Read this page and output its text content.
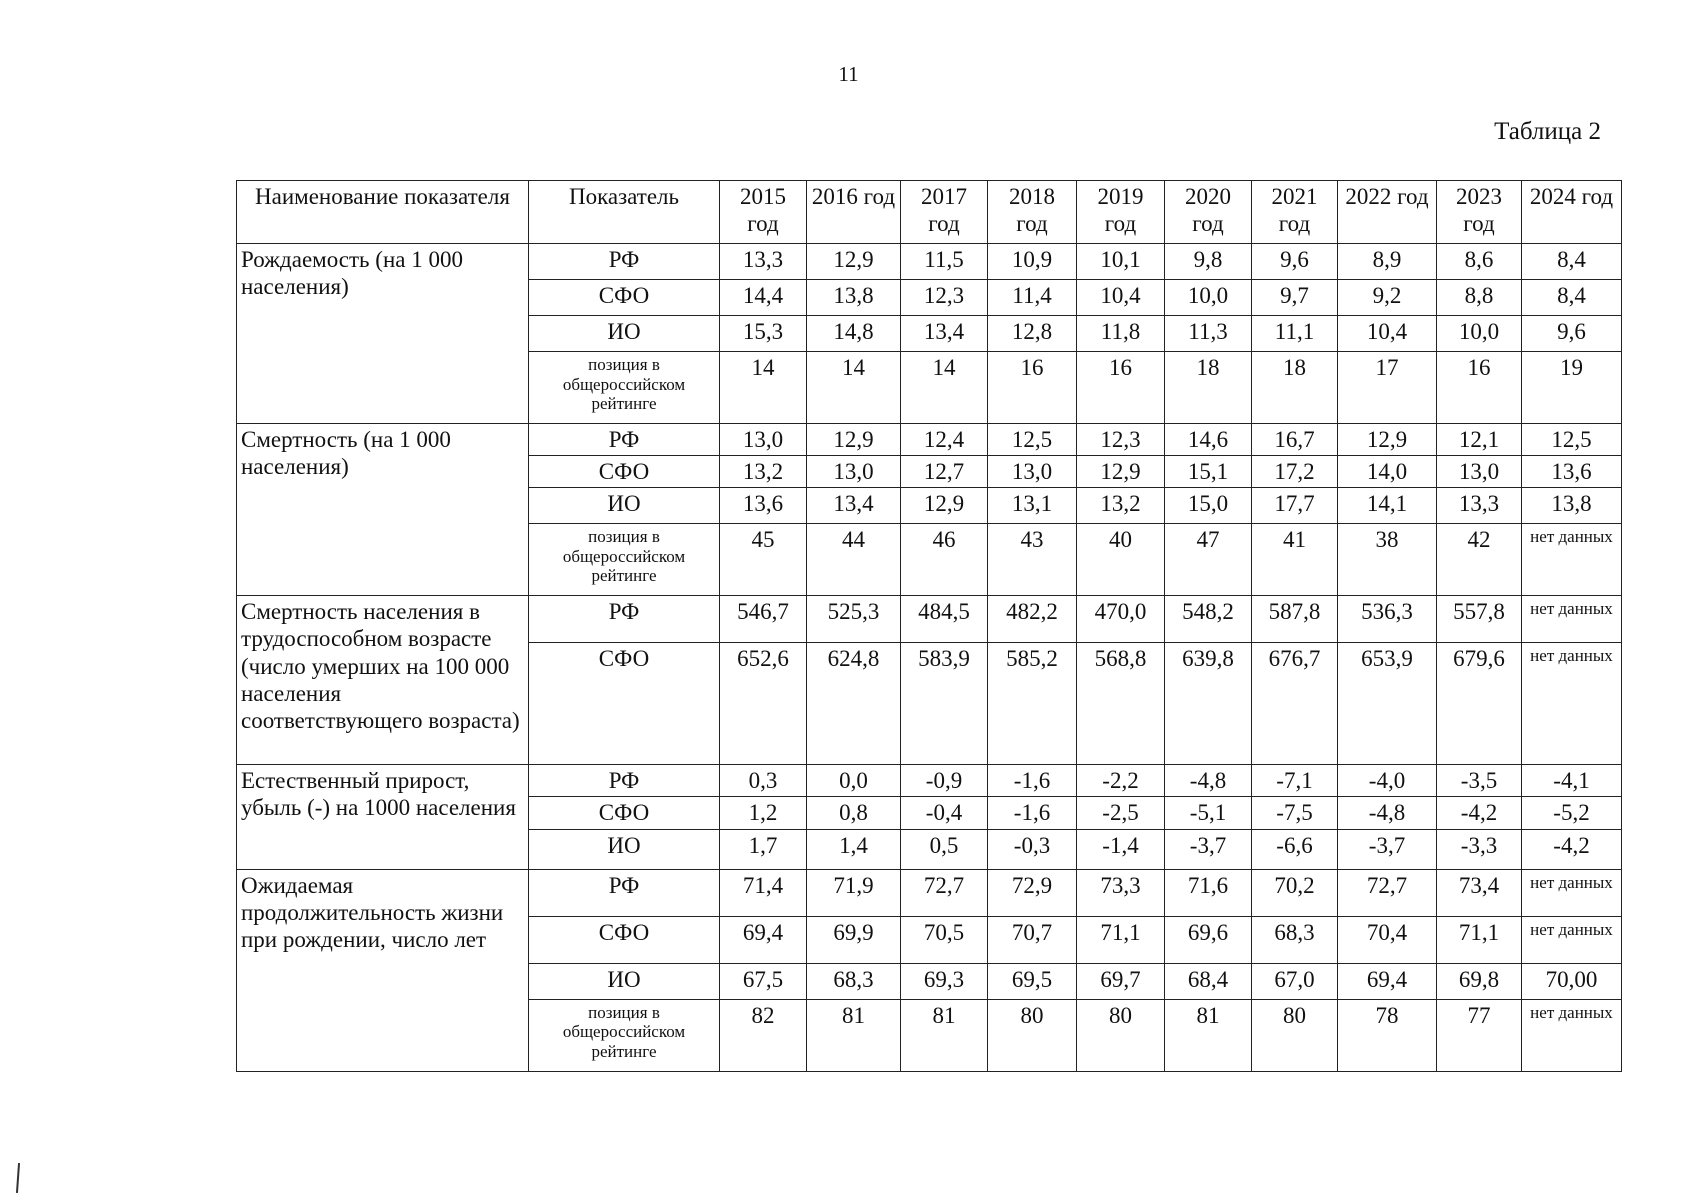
11
Таблица 2
Наименование показателя	Показатель	2015 год	2016 год	2017 год	2018 год	2019 год	2020 год	2021 год	2022 год	2023 год	2024 год
Рождаемость (на 1 000 населения)	РФ	13,3	12,9	11,5	10,9	10,1	9,8	9,6	8,9	8,6	8,4
	СФО	14,4	13,8	12,3	11,4	10,4	10,0	9,7	9,2	8,8	8,4
	ИО	15,3	14,8	13,4	12,8	11,8	11,3	11,1	10,4	10,0	9,6
	позиция в общероссийском рейтинге	14	14	14	16	16	18	18	17	16	19
Смертность (на 1 000 населения)	РФ	13,0	12,9	12,4	12,5	12,3	14,6	16,7	12,9	12,1	12,5
	СФО	13,2	13,0	12,7	13,0	12,9	15,1	17,2	14,0	13,0	13,6
	ИО	13,6	13,4	12,9	13,1	13,2	15,0	17,7	14,1	13,3	13,8
	позиция в общероссийском рейтинге	45	44	46	43	40	47	41	38	42	нет данных
Смертность населения в трудоспособном возрасте (число умерших на 100 000 населения соответствующего возраста)	РФ	546,7	525,3	484,5	482,2	470,0	548,2	587,8	536,3	557,8	нет данных
	СФО	652,6	624,8	583,9	585,2	568,8	639,8	676,7	653,9	679,6	нет данных
Естественный прирост, убыль (-) на 1000 населения	РФ	0,3	0,0	-0,9	-1,6	-2,2	-4,8	-7,1	-4,0	-3,5	-4,1
	СФО	1,2	0,8	-0,4	-1,6	-2,5	-5,1	-7,5	-4,8	-4,2	-5,2
	ИО	1,7	1,4	0,5	-0,3	-1,4	-3,7	-6,6	-3,7	-3,3	-4,2
Ожидаемая продолжительность жизни при рождении, число лет	РФ	71,4	71,9	72,7	72,9	73,3	71,6	70,2	72,7	73,4	нет данных
	СФО	69,4	69,9	70,5	70,7	71,1	69,6	68,3	70,4	71,1	нет данных
	ИО	67,5	68,3	69,3	69,5	69,7	68,4	67,0	69,4	69,8	70,00
	позиция в общероссийском рейтинге	82	81	81	80	80	81	80	78	77	нет данных
